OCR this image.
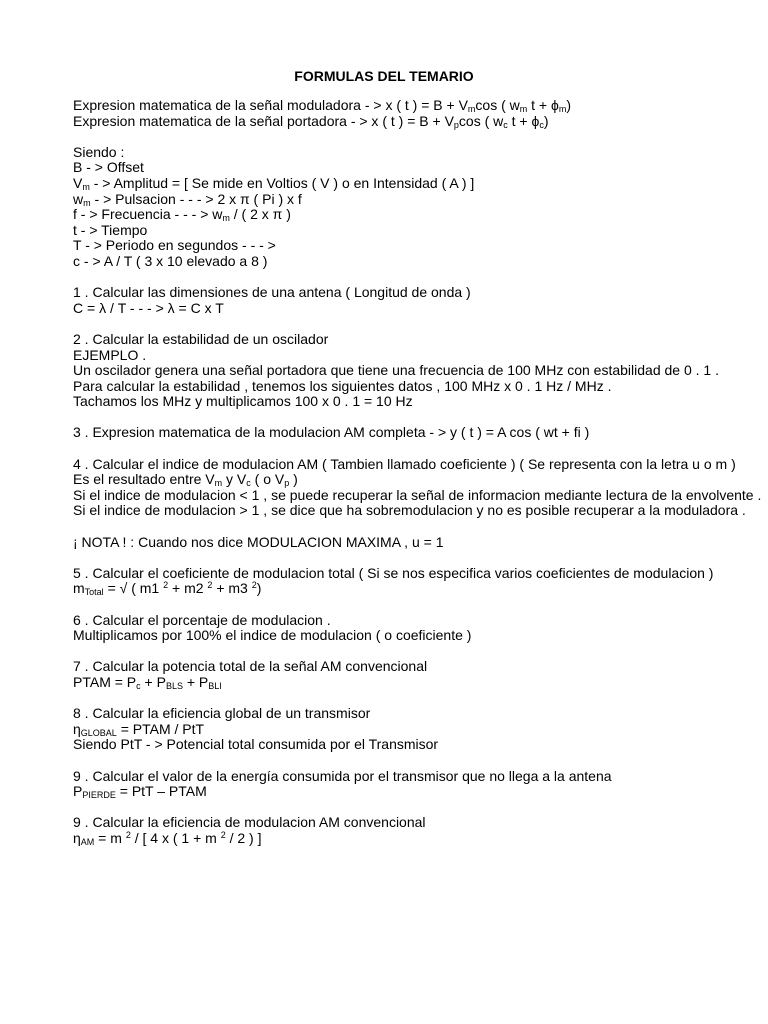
FORMULAS DEL TEMARIO
Expresion matematica de la señal moduladora - > x ( t ) = $B + V_m\cos$ ( $w_m$ $t + \phi_m$)
Expresion matematica de la señal portadora - > x ( t ) = $B + V_p\cos$ ( $w_c$ $t + \phi_c$)
Siendo :
B - > Offset
$V_m$ - > Amplitud = [ Se mide en Voltios ( V ) o en Intensidad ( A ) ]
$w_m$ - > Pulsacion - - - > 2 x π ( Pi ) x f
f - > Frecuencia - - - > $w_m$ / ( 2 x π )
t - > Tiempo
T - > Periodo en segundos - - - >
c - > A / T ( 3 x 10 elevado a 8 )
1 . Calcular las dimensiones de una antena ( Longitud de onda )
C = λ / T - - - > λ = C x T
2 . Calcular la estabilidad de un oscilador
EJEMPLO .
Un oscilador genera una señal portadora que tiene una frecuencia de 100 MHz con estabilidad de 0 . 1 .
Para calcular la estabilidad , tenemos los siguientes datos , 100 MHz x 0 . 1 Hz / MHz .
Tachamos los MHz y multiplicamos 100 x 0 . 1 = 10 Hz
3 . Expresion matematica de la modulacion AM completa - > y ( t ) = A cos ( wt + fi )
4 . Calcular el indice de modulacion AM ( Tambien llamado coeficiente ) ( Se representa con la letra u o m )
Es el resultado entre $V_m$ y $V_c$ ( o $V_p$ )
Si el indice de modulacion < 1 , se puede recuperar la señal de informacion mediante lectura de la envolvente .
Si el indice de modulacion > 1 , se dice que ha sobremodulacion y no es posible recuperar a la moduladora .
¡ NOTA ! : Cuando nos dice MODULACION MAXIMA , u = 1
5 . Calcular el coeficiente de modulacion total ( Si se nos especifica varios coeficientes de modulacion )
$m_{Total}$ = √ ( m1 $^2$ + m2 $^2$ + m3 $^2$)
6 . Calcular el porcentaje de modulacion .
Multiplicamos por 100% el indice de modulacion ( o coeficiente )
7 . Calcular la potencia total de la señal AM convencional
PTAM = $P_c + P_{BLS} + P_{BLI}$
8 . Calcular la eficiencia global de un transmisor
$\eta_{GLOBAL}$ = PTAM / PtT
Siendo PtT - > Potencial total consumida por el Transmisor
9 . Calcular el valor de la energía consumida por el transmisor que no llega a la antena
$P_{PIERDE}$ = PtT – PTAM
9 . Calcular la eficiencia de modulacion AM convencional
$\eta_{AM} = m$ $^2$ / [ 4 x ( 1 + m $^2$ / 2 ) ]
